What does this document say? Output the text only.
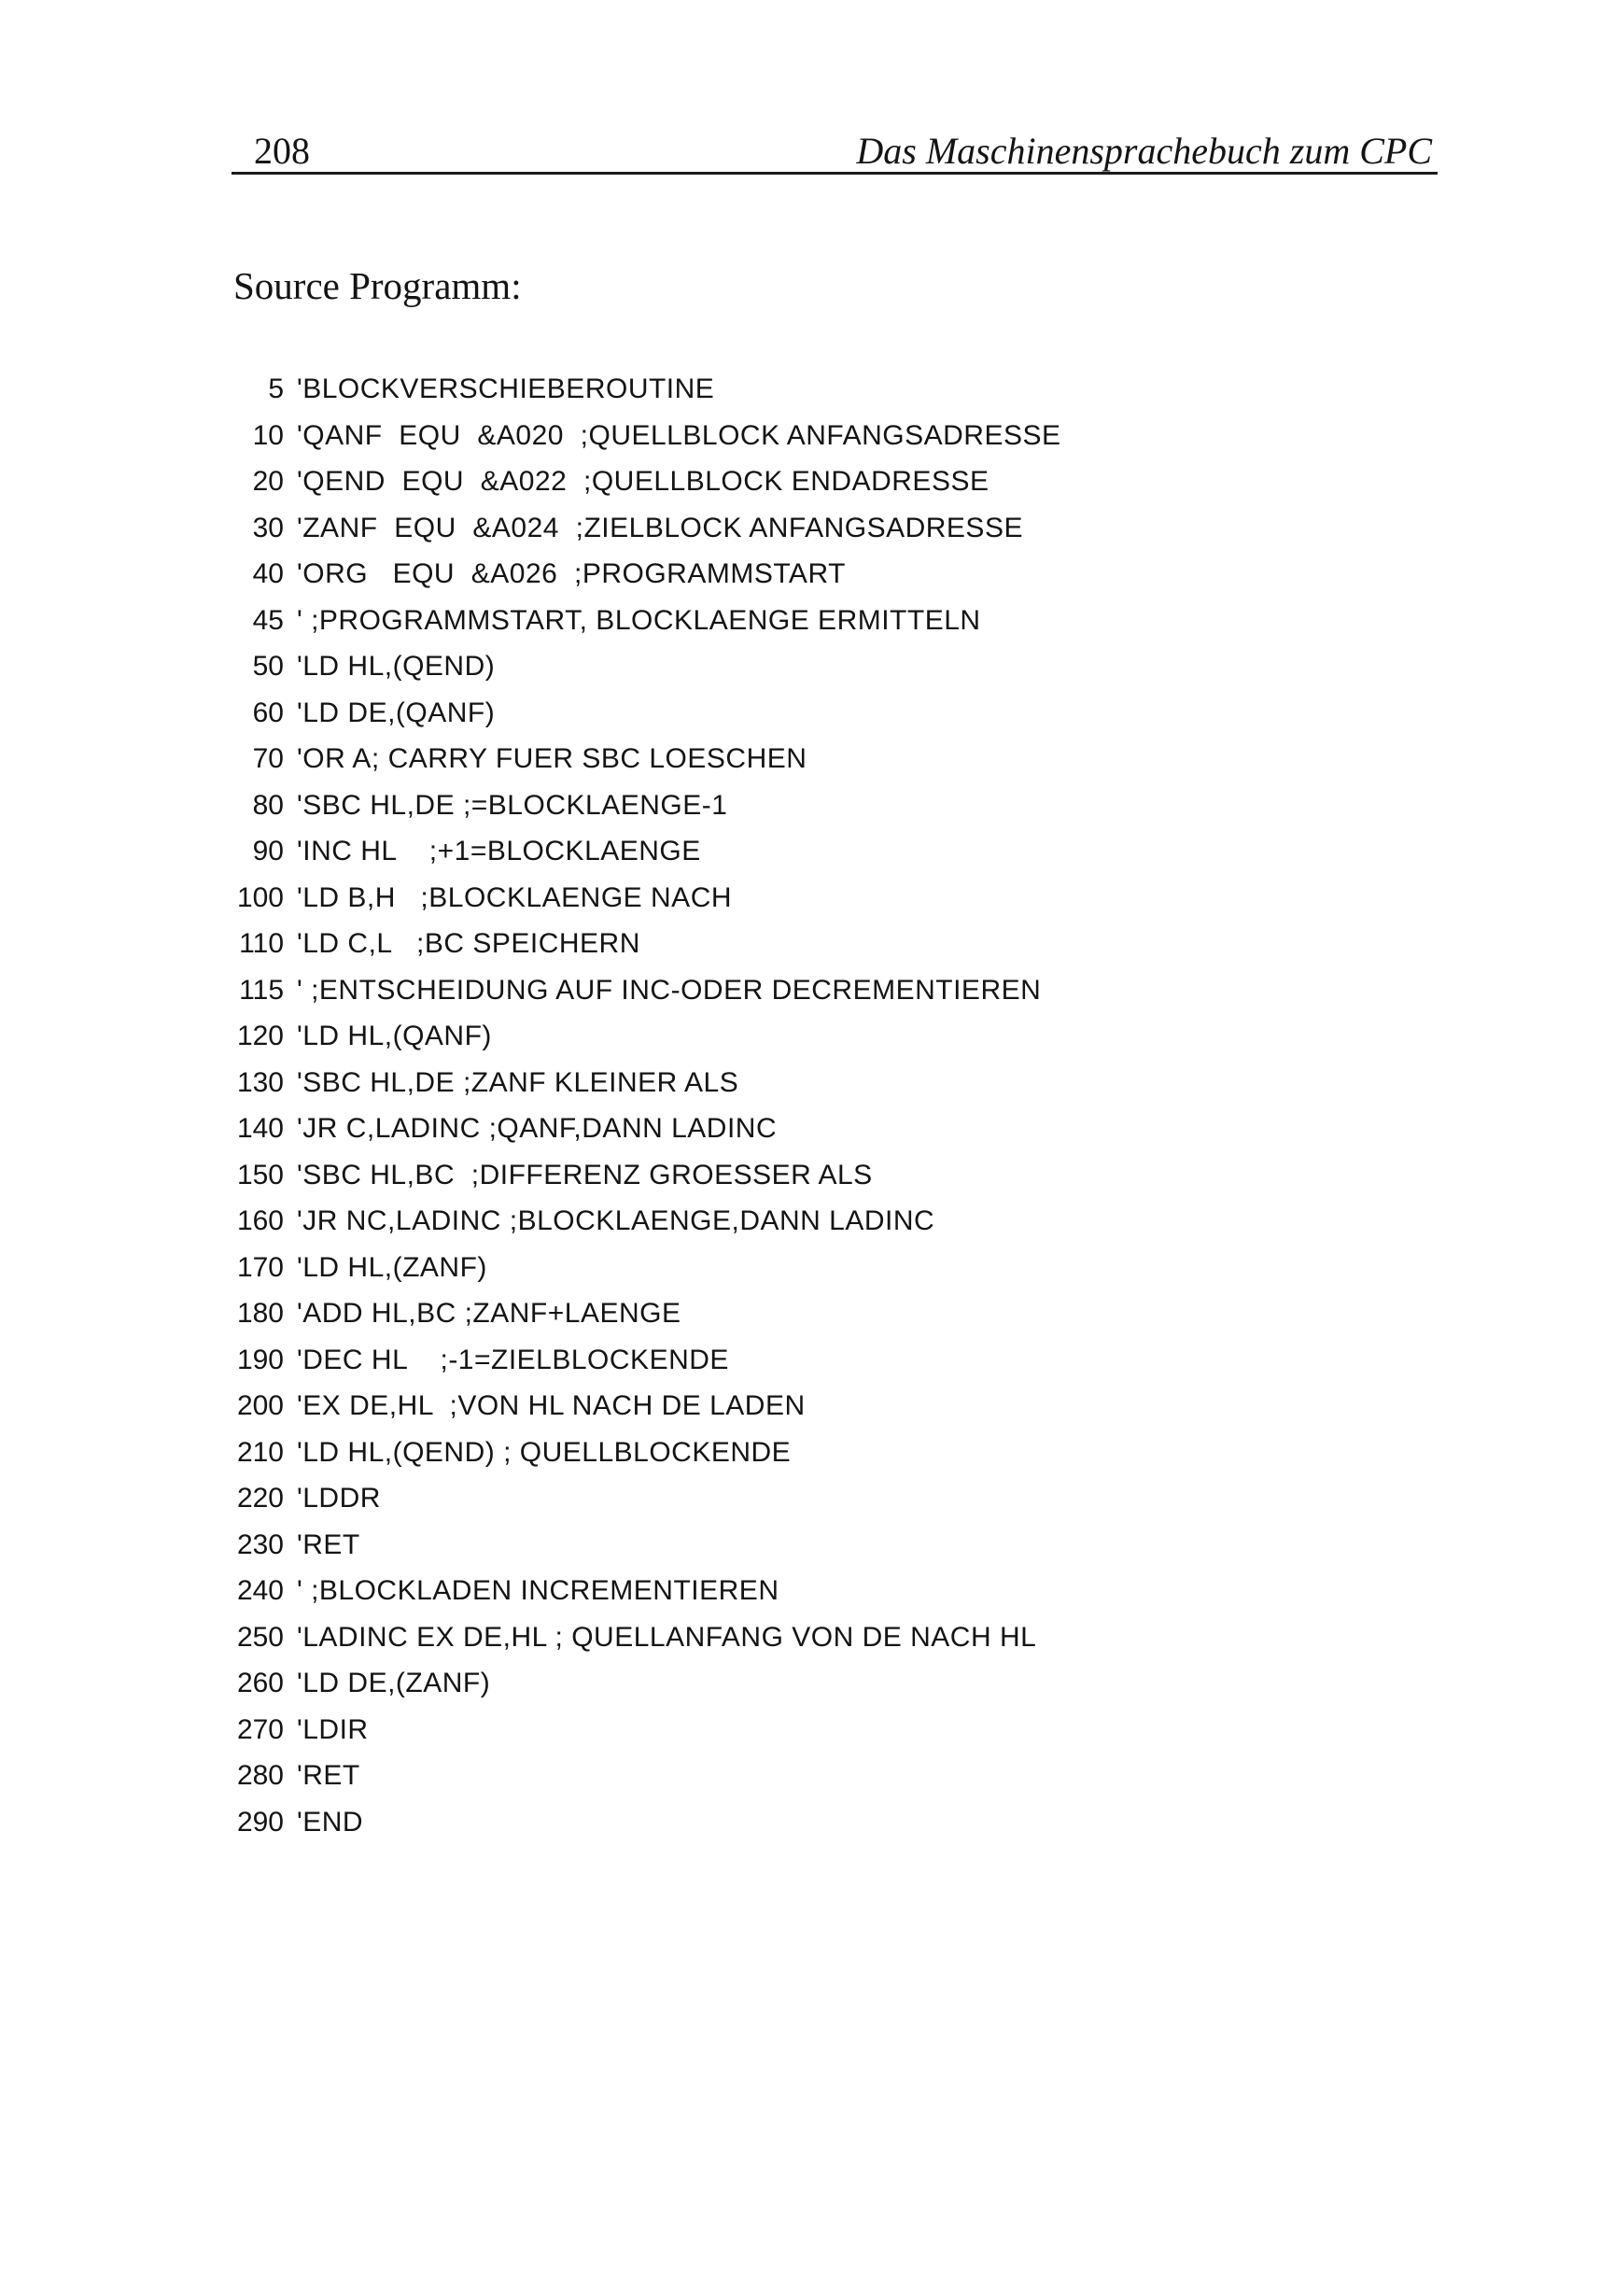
208	Das Maschinensprachebuch zum CPC
Source Programm:
5 'BLOCKVERSCHIEBEROUTINE
10 'QANF  EQU  &A020  ;QUELLBLOCK ANFANGSADRESSE
20 'QEND  EQU  &A022  ;QUELLBLOCK ENDADRESSE
30 'ZANF  EQU  &A024  ;ZIELBLOCK ANFANGSADRESSE
40 'ORG   EQU  &A026  ;PROGRAMMSTART
45 ' ;PROGRAMMSTART, BLOCKLAENGE ERMITTELN
50 'LD HL,(QEND)
60 'LD DE,(QANF)
70 'OR A; CARRY FUER SBC LOESCHEN
80 'SBC HL,DE ;=BLOCKLAENGE-1
90 'INC HL    ;+1=BLOCKLAENGE
100 'LD B,H   ;BLOCKLAENGE NACH
110 'LD C,L   ;BC SPEICHERN
115 ' ;ENTSCHEIDUNG AUF INC-ODER DECREMENTIEREN
120 'LD HL,(QANF)
130 'SBC HL,DE ;ZANF KLEINER ALS
140 'JR C,LADINC ;QANF,DANN LADINC
150 'SBC HL,BC  ;DIFFERENZ GROESSER ALS
160 'JR NC,LADINC ;BLOCKLAENGE,DANN LADINC
170 'LD HL,(ZANF)
180 'ADD HL,BC ;ZANF+LAENGE
190 'DEC HL    ;-1=ZIELBLOCKENDE
200 'EX DE,HL  ;VON HL NACH DE LADEN
210 'LD HL,(QEND) ; QUELLBLOCKENDE
220 'LDDR
230 'RET
240 ' ;BLOCKLADEN INCREMENTIEREN
250 'LADINC EX DE,HL ; QUELLANFANG VON DE NACH HL
260 'LD DE,(ZANF)
270 'LDIR
280 'RET
290 'END
